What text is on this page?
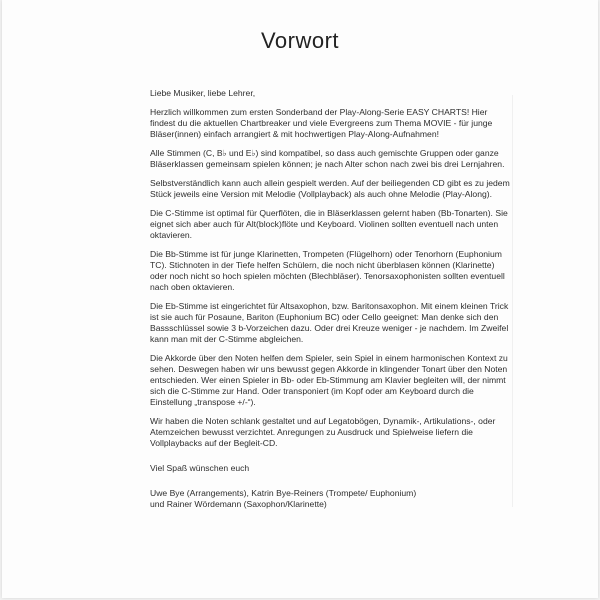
Vorwort

Liebe Musiker, liebe Lehrer,

Herzlich willkommen zum ersten Sonderband der Play-Along-Serie EASY CHARTS! Hier findest du die aktuellen Chartbreaker und viele Evergreens zum Thema MOVIE - für junge Bläser(innen) einfach arrangiert & mit hochwertigen Play-Along-Aufnahmen!

Alle Stimmen (C, B♭ und E♭) sind kompatibel, so dass auch gemischte Gruppen oder ganze Bläserklassen gemeinsam spielen können; je nach Alter schon nach zwei bis drei Lernjahren.

Selbstverständlich kann auch allein gespielt werden. Auf der beiliegenden CD gibt es zu jedem Stück jeweils eine Version mit Melodie (Vollplayback) als auch ohne Melodie (Play-Along).

Die C-Stimme ist optimal für Querflöten, die in Bläserklassen gelernt haben (Bb-Tonarten). Sie eignet sich aber auch für Alt(block)flöte und Keyboard. Violinen sollten eventuell nach unten oktavieren.

Die Bb-Stimme ist für junge Klarinetten, Trompeten (Flügelhorn) oder Tenorhorn (Euphonium TC). Stichnoten in der Tiefe helfen Schülern, die noch nicht überblasen können (Klarinette) oder noch nicht so hoch spielen möchten (Blechbläser). Tenorsaxophonisten sollten eventuell nach oben oktavieren.

Die Eb-Stimme ist eingerichtet für Altsaxophon, bzw. Baritonsaxophon. Mit einem kleinen Trick ist sie auch für Posaune, Bariton (Euphonium BC) oder Cello geeignet: Man denke sich den Bassschlüssel sowie 3 b-Vorzeichen dazu. Oder drei Kreuze weniger - je nachdem. Im Zweifel kann man mit der C-Stimme abgleichen.

Die Akkorde über den Noten helfen dem Spieler, sein Spiel in einem harmonischen Kontext zu sehen. Deswegen haben wir uns bewusst gegen Akkorde in klingender Tonart über den Noten entschieden. Wer einen Spieler in Bb- oder Eb-Stimmung am Klavier begleiten will, der nimmt sich die C-Stimme zur Hand. Oder transponiert (im Kopf oder am Keyboard durch die Einstellung „transpose +/-“).

Wir haben die Noten schlank gestaltet und auf Legatobögen, Dynamik-, Artikulations-, oder Atemzeichen bewusst verzichtet. Anregungen zu Ausdruck und Spielweise liefern die Vollplaybacks auf der Begleit-CD.

Viel Spaß wünschen euch

Uwe Bye (Arrangements), Katrin Bye-Reiners (Trompete/ Euphonium)
und Rainer Wördemann (Saxophon/Klarinette)
